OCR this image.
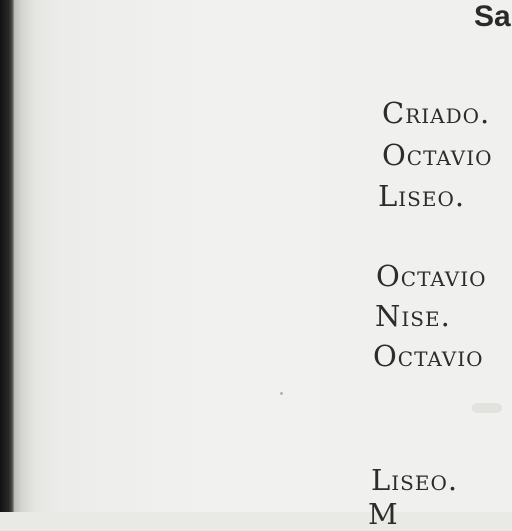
Sa
Criado.
Octavio
Liseo.
Octavio
Nise.
Octavio
Liseo.
M
